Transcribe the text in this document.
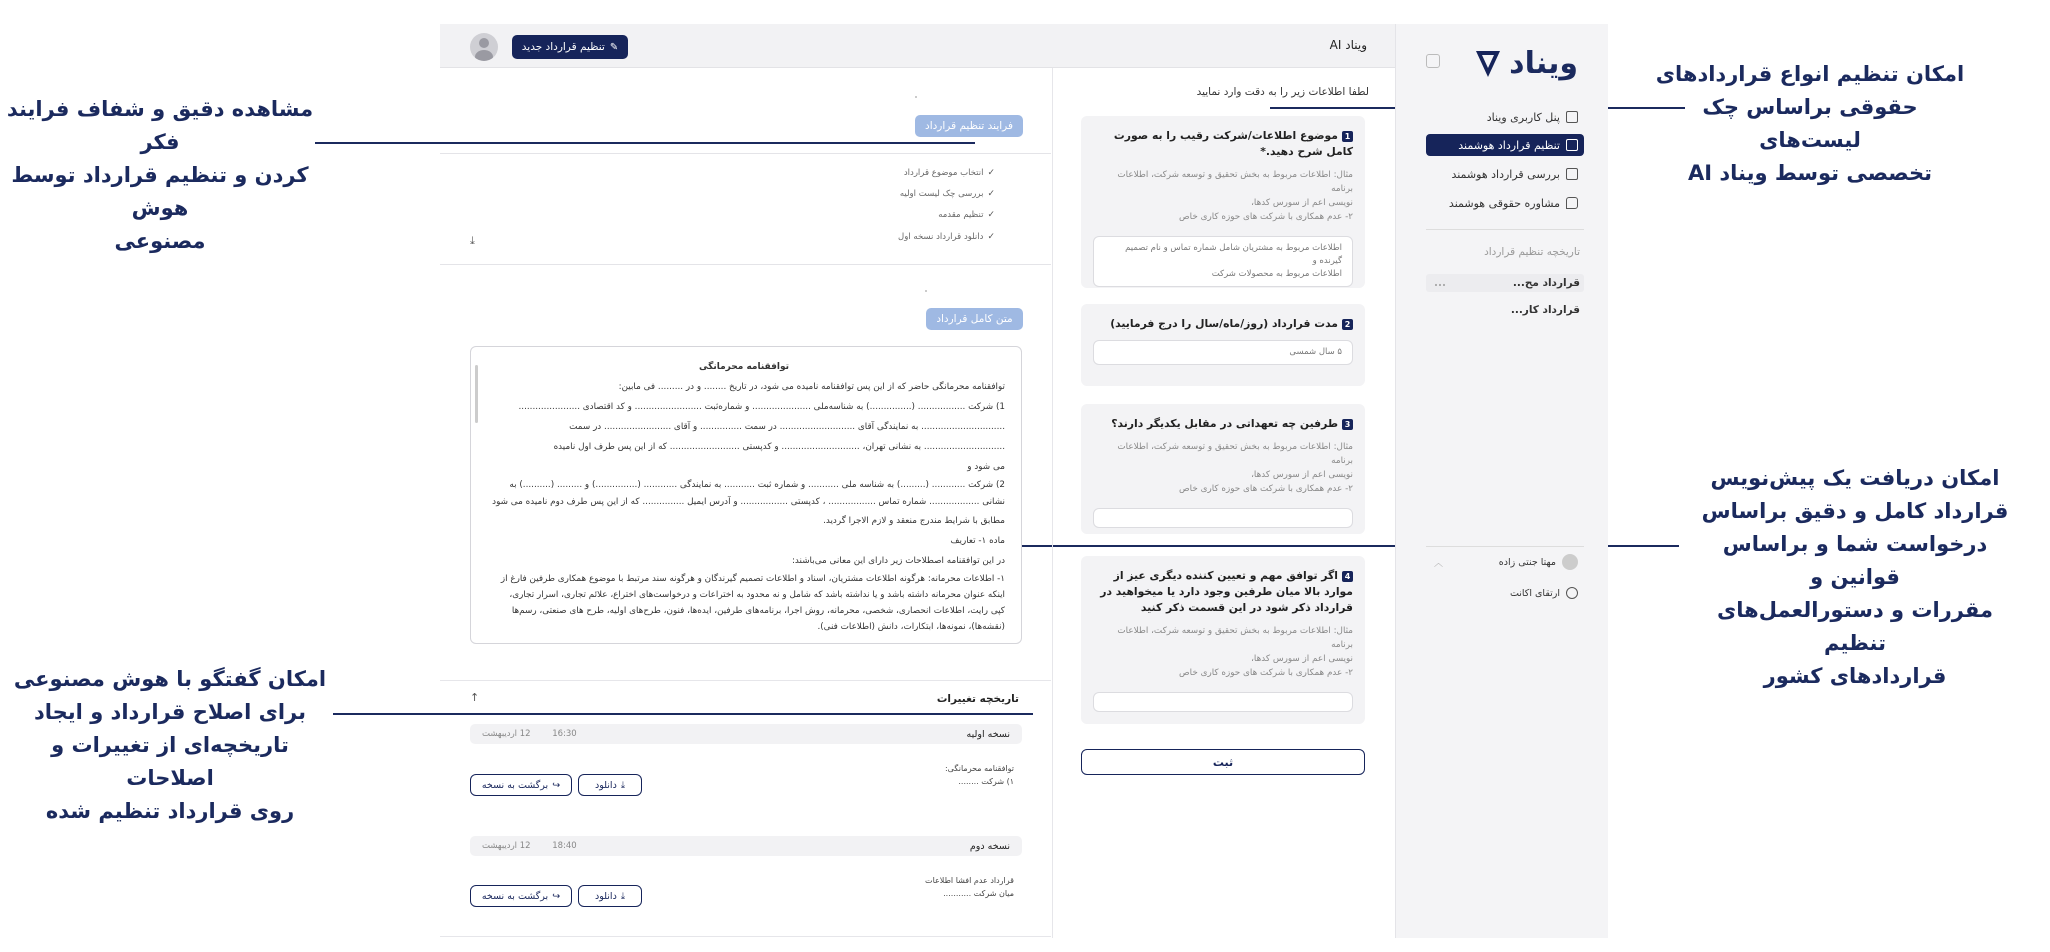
امکان تنظیم انواع قراردادهای
حقوقی براساس چک لیست‌های
تخصصی توسط ویناد AI
مشاهده دقیق و شفاف فرایند فکر
کردن و تنظیم قرارداد توسط هوش
مصنوعی
امکان دریافت یک پیش‌نویس
قرارداد کامل و دقیق براساس
درخواست شما و براساس قوانین و
مقررات و دستورالعمل‌های تنظیم
قراردادهای کشور
امکان گفتگو با هوش مصنوعی
برای اصلاح قرارداد و ایجاد
تاریخچه‌ای از تغییرات و اصلاحات
روی قرارداد تنظیم شده
ویناد
پنل کاربری ویناد
تنظیم قرارداد هوشمند
بررسی قرارداد هوشمند
مشاوره حقوقی هوشمند
تاریخچه تنظیم قرارداد
قرارداد مح...
...
قرارداد کار...
مهتا جنتی زاده
︿
ارتقای اکانت
ویناد AI
✎
تنظیم قرارداد جدید
لطفا اطلاعات زیر را به دقت وارد نمایید
1موضوع اطلاعات/شرکت رقیب را به صورت کامل شرح دهید.*
مثال: اطلاعات مربوط به بخش تحقیق و توسعه شرکت، اطلاعات برنامه
نویسی اعم از سورس کدها،
۲- عدم همکاری با شرکت های حوزه کاری خاص
اطلاعات مربوط به مشتریان شامل شماره تماس و نام تصمیم گیرنده و
اطلاعات مربوط به محصولات شرکت
2مدت قرارداد (روز/ماه/سال را درج فرمایید)
۵ سال شمسی
3طرفین چه تعهداتی در مقابل یکدیگر دارند؟
مثال: اطلاعات مربوط به بخش تحقیق و توسعه شرکت، اطلاعات برنامه
نویسی اعم از سورس کدها،
۲- عدم همکاری با شرکت های حوزه کاری خاص
4اگر توافق مهم و تعیین کننده دیگری عیز از موارد بالا میان طرفین وجود دارد یا میخواهید در قرارداد ذکر شود در این قسمت ذکر کنید
مثال: اطلاعات مربوط به بخش تحقیق و توسعه شرکت، اطلاعات برنامه
نویسی اعم از سورس کدها،
۲- عدم همکاری با شرکت های حوزه کاری خاص
ثبت
فرایند تنظیم قرارداد
✓
انتخاب موضوع قرارداد
✓
بررسی چک لیست اولیه
✓
تنظیم مقدمه
✓
دانلود قرارداد نسخه اول
⤓
متن کامل قرارداد
توافقنامه محرمانگی

توافقنامه محرمانگی حاضر که از این پس توافقنامه نامیده می شود، در تاریخ ........ و در ......... فی مابین:

1) شرکت ................. (...............) به شناسه‌ملی ..................... و شماره‌ثبت ........................ و کد اقتصادی ......................

.............................. به نمایندگی آقای ........................... در سمت ............... و آقای ........................ در سمت

............................. به نشانی تهران، ............................ و کدپستی ......................... که از این پس طرف اول نامیده

می شود و

2) شرکت ............ (.........) به شناسه ملی ........... و شماره ثبت ........... به نمایندگی ............ (...............) و ......... (..........) به

نشانی .................. شماره تماس ................. ، کدپستی ................. و آدرس ایمیل ............... که از این پس طرف دوم نامیده می شود

مطابق با شرایط مندرج منعقد و لازم الاجرا گردید.

ماده ۱- تعاریف

در این توافقنامه اصطلاحات زیر دارای این معانی می‌باشند:

۱- اطلاعات محرمانه: هرگونه اطلاعات مشتریان، اسناد و اطلاعات تصمیم گیرندگان و هرگونه سند مرتبط با موضوع همکاری طرفین فارغ از

اینکه عنوان محرمانه داشته باشد و یا نداشته باشد که شامل و نه محدود به اختراعات و درخواست‌های اختراع، علائم تجاری، اسرار تجاری،

کپی رایت، اطلاعات انحصاری، شخصی، محرمانه، روش اجرا، برنامه‌های طرفین، ایده‌ها، فنون، طرح‌های اولیه، طرح های صنعتی، رسم‌ها

(نقشه‌ها)، نمونه‌ها، ابتکارات، دانش (اطلاعات فنی).

تاریخچه تغییرات
↑
نسخه اولیه
16:30        12 اردیبهشت
توافقنامه محرمانگی:
۱) شرکت ........
⤓
دانلود
↪
برگشت به نسخه
نسخه دوم
18:40        12 اردیبهشت
قرارداد عدم افشا اطلاعات
میان شرکت ...........
⤓
دانلود
↪
برگشت به نسخه
